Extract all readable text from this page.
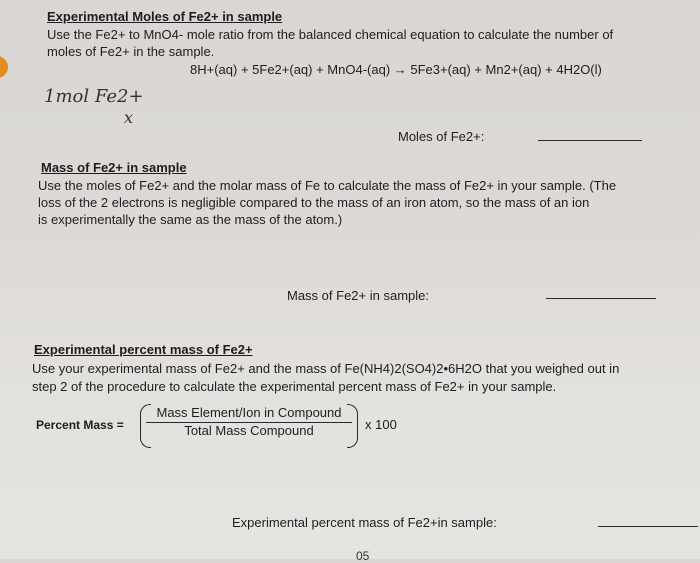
Experimental Moles of Fe2+ in sample
Use the Fe2+ to MnO4- mole ratio from the balanced chemical equation to calculate the number of
moles of Fe2+ in the sample.
8H+(aq) + 5Fe2+(aq) + MnO4-(aq) → 5Fe3+(aq) + Mn2+(aq) + 4H2O(l)
1mol Fe2+
x

Moles of Fe2+:
Mass of Fe2+ in sample
Use the moles of Fe2+ and the molar mass of Fe to calculate the mass of Fe2+ in your sample. (The
loss of the 2 electrons is negligible compared to the mass of an iron atom, so the mass of an ion
is experimentally the same as the mass of the atom.)
Mass of Fe2+ in sample:
Experimental percent mass of Fe2+
Use your experimental mass of Fe2+ and the mass of Fe(NH4)2(SO4)2•6H2O that you weighed out in
step 2 of the procedure to calculate the experimental percent mass of Fe2+ in your sample.
Percent Mass =
Mass Element/Ion in Compound
Total Mass Compound	x 100
Experimental percent mass of Fe2+in sample:
05
